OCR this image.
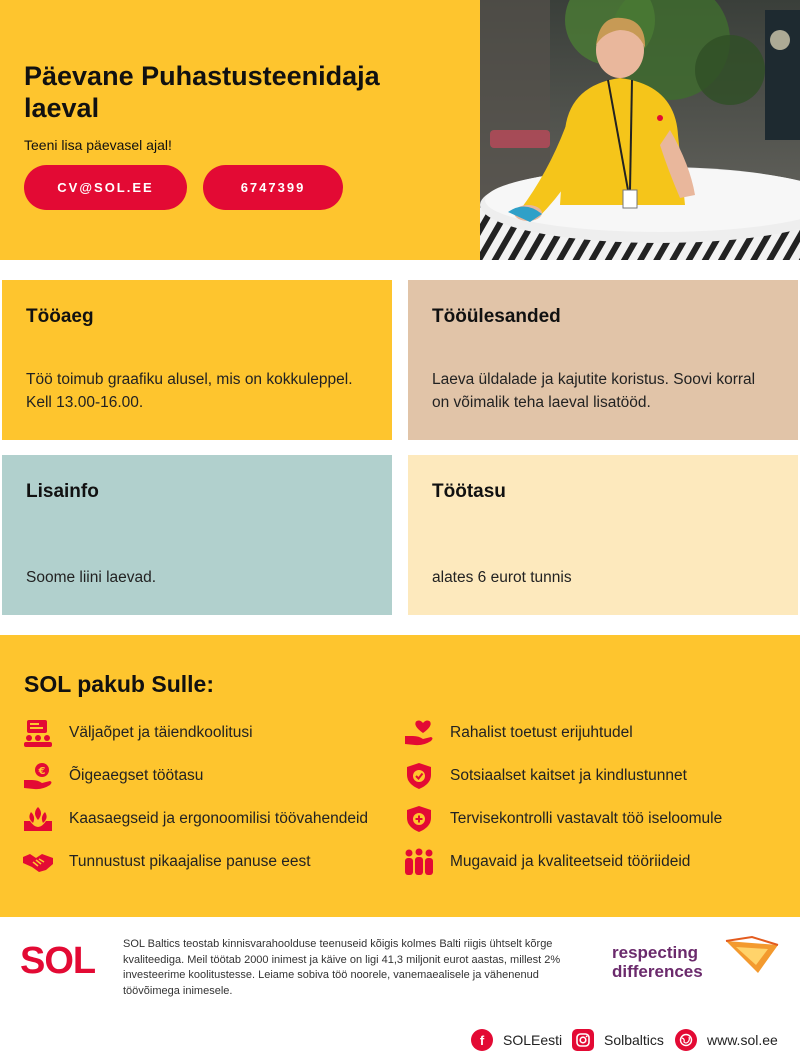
Päevane Puhastusteenidaja laeval
Teeni lisa päevasel ajal!
CV@SOL.EE	6747399
Tööaeg

Töö toimub graafiku alusel, mis on kokkuleppel. Kell 13.00-16.00.

Tööülesanded

Laeva üldalade ja kajutite koristus. Soovi korral on võimalik teha laeval lisatööd.

Lisainfo

Soome liini laevad.

Töötasu

alates 6 eurot tunnis

SOL pakub Sulle:
Väljaõpet ja täiendkoolitusi
€ Õigeaegset töötasu
Kaasaegseid ja ergonoomilisi töövahendeid
Tunnustust pikaajalise panuse eest
Rahalist toetust erijuhtudel
Sotsiaalset kaitset ja kindlustunnet
Tervisekontrolli vastavalt töö iseloomule
Mugavaid ja kvaliteetseid tööriideid
SOL	SOL Baltics teostab kinnisvarahoolduse teenuseid kõigis kolmes Balti riigis ühtselt kõrge kvaliteediga. Meil töötab 2000 inimest ja käive on ligi 41,3 miljonit eurot aastas, millest 2% investeerime koolitustesse. Leiame sobiva töö noorele, vanemaealisele ja vähenenud töövõimega inimesele.
respecting
differences
f	SOLEesti	Solbaltics	www.sol.ee
